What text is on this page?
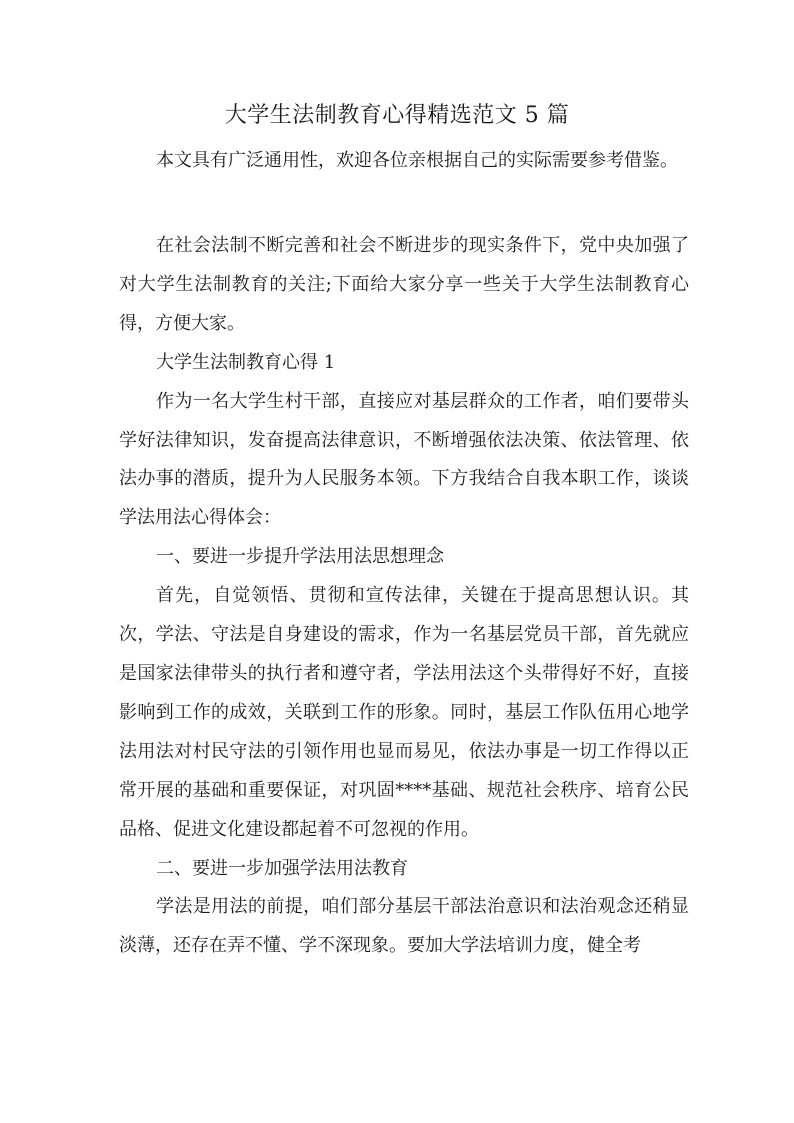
大学生法制教育心得精选范文 5 篇
本文具有广泛通用性，欢迎各位亲根据自己的实际需要参考借鉴。

在社会法制不断完善和社会不断进步的现实条件下，党中央加强了对大学生法制教育的关注;下面给大家分享一些关于大学生法制教育心得，方便大家。

大学生法制教育心得 1

作为一名大学生村干部，直接应对基层群众的工作者，咱们要带头学好法律知识，发奋提高法律意识，不断增强依法决策、依法管理、依法办事的潜质，提升为人民服务本领。下方我结合自我本职工作，谈谈学法用法心得体会：

一、要进一步提升学法用法思想理念

首先，自觉领悟、贯彻和宣传法律，关键在于提高思想认识。其次，学法、守法是自身建设的需求，作为一名基层党员干部，首先就应是国家法律带头的执行者和遵守者，学法用法这个头带得好不好，直接影响到工作的成效，关联到工作的形象。同时，基层工作队伍用心地学法用法对村民守法的引领作用也显而易见，依法办事是一切工作得以正常开展的基础和重要保证，对巩固****基础、规范社会秩序、培育公民品格、促进文化建设都起着不可忽视的作用。

二、要进一步加强学法用法教育

学法是用法的前提，咱们部分基层干部法治意识和法治观念还稍显淡薄，还存在弄不懂、学不深现象。要加大学法培训力度，健全考
